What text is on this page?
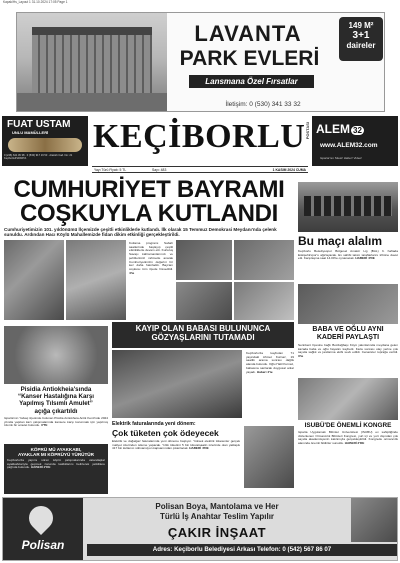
Kapak/Hs_Layout 1 31.10.2024 17:05 Page 1
LAVANTA
PARK EVLERİ
Lansmana Özel Fırsatlar
149 M²
3+1
daireler
İletişim: 0 (530) 341 33 32
FUAT USTAM
UNLU MAMÜLLERİ
0 (246) 641 45 38 · 0 (530) 917 19 53 · Atatürk Cad. No: 21 Keçiborlu/ISPARTA
KEÇİBORLU POSTASI ALEM 32
www.ALEM32.com
Isparta'nın Sitesi! Haber! Video!
Yayı Türü Fiyatı: 5 TL	Sayı: 483	1 KASIM 2024 CUMA
CUMHURİYET BAYRAMI
COŞKUYLA KUTLANDI
Cumhuriyetimizin 101. yıldönümü İlçemizde çeşitli etkinliklerle kutlandı. İlk olarak 15 Temmuz Demokrasi Meydanı'nda çelenk sunuldu. Ardından Hacı Köylü Mahallemizde fidan dikim etkinliği gerçekleştirildi.
Kutlama programı Sabah saatlerinde başlayıp çeşitli etkinliklerle devam etti. Kurtuluş Savaşı kahramanlarımızı ve şehitlerimizi rahmetle anarak Cumhuriyetimizin değerini bir kez daha hatırladık. Bayram coşkusu tüm ilçede hissedildi. 4'te
Bu maçı alalım
Keçiborlu Belediyespor Bölgesel Amatör Lig (BAL) 3. haftada Eskişehirspor'u ağırlayacak. Ev sahibi takım taraftarlarını tribüne davet etti. Karşılaşma saat 14.00'te oynanacak. HABERİ 4'DE
BABA VE OĞLU AYNI
KADERİ PAYLAŞTI
Senirkent İlçesine bağlı Bozdağbaşı Köyü yakınlarında meydana gelen kazada baba ve oğlu hayatını kaybetti. Kaza sonrası olay yerine çok sayıda sağlık ve jandarma ekibi sevk edildi. Cenazeler toprağa verildi. 3'te
Pisidia Antiokheia'sında
“Kanser Hastalığına Karşı
Yapılmış Tılsımlı Amulet”
açığa çıkartıldı
Isparta'nın Yalvaç ilçesinde bulunan Pisidia Antiokheia Antik Kenti'nde 2024 yılında yapılan kazı çalışmalarında kansere karşı korunmak için yapılmış tılsımlı bir amulet bulundu. 3'TE
KÖPRÜ MÜ AYAKKABI,
AYAKLAR MI KÖPRÜYÜ YÜRÜTÜR
Keçiborlu'da yapımı süren köprü çalışmalarında vatandaşlar ayakkabılarıyla geçmek zorunda kaldıklarını belirterek yetkililere çağrıda bulundu. HABERİ 2'DE
KAYIP OLAN BABASI BULUNUNCA
GÖZYAŞLARINI TUTAMADI
Keçiborlu'da kaybolan 71 yaşındaki Ahmet Kurnaz, 19 saatlik arama sonrası dağlık alanda bulundu. Oğlu Halil Kurnaz, babasına sarılarak duygusal anlar yaşadı. Haberi 4'te
Elektrik faturalarında yeni dönem:
Çok tüketen çok ödeyecek
Elektrik ve doğalgaz faturalarında yeni döneme başlıyor. Yüksek elektrik tüketenler gerçek maliyet üzerinden ödeme yapacak. Yıllık tüketimi 5 bin kilovatsaatin üzerinde olan yaklaşık 417 bin kullanıcı sübvansiyon kapsamından çıkarılacak. HABERİ 4'DE
ISUBÜ'DE ÖNEMLİ KONGRE
Isparta Uygulamalı Bilimler Üniversitesi (ISUBÜ) ev sahipliğinde düzenlenen Ormancılık Bilimleri Kongresi, yurt içi ve yurt dışından çok sayıda akademisyenin katılımıyla gerçekleştirildi. Kongrede ormancılık alanında önemli bildiriler sunuldu. HABERİ 2'DE
Polisan
Polisan Boya, Mantolama ve Her
Türlü İş Anahtar Teslim Yapılır
ÇAKIR İNŞAAT
Adres: Keçiborlu Belediyesi Arkası Telefon: 0 (542) 567 86 07
